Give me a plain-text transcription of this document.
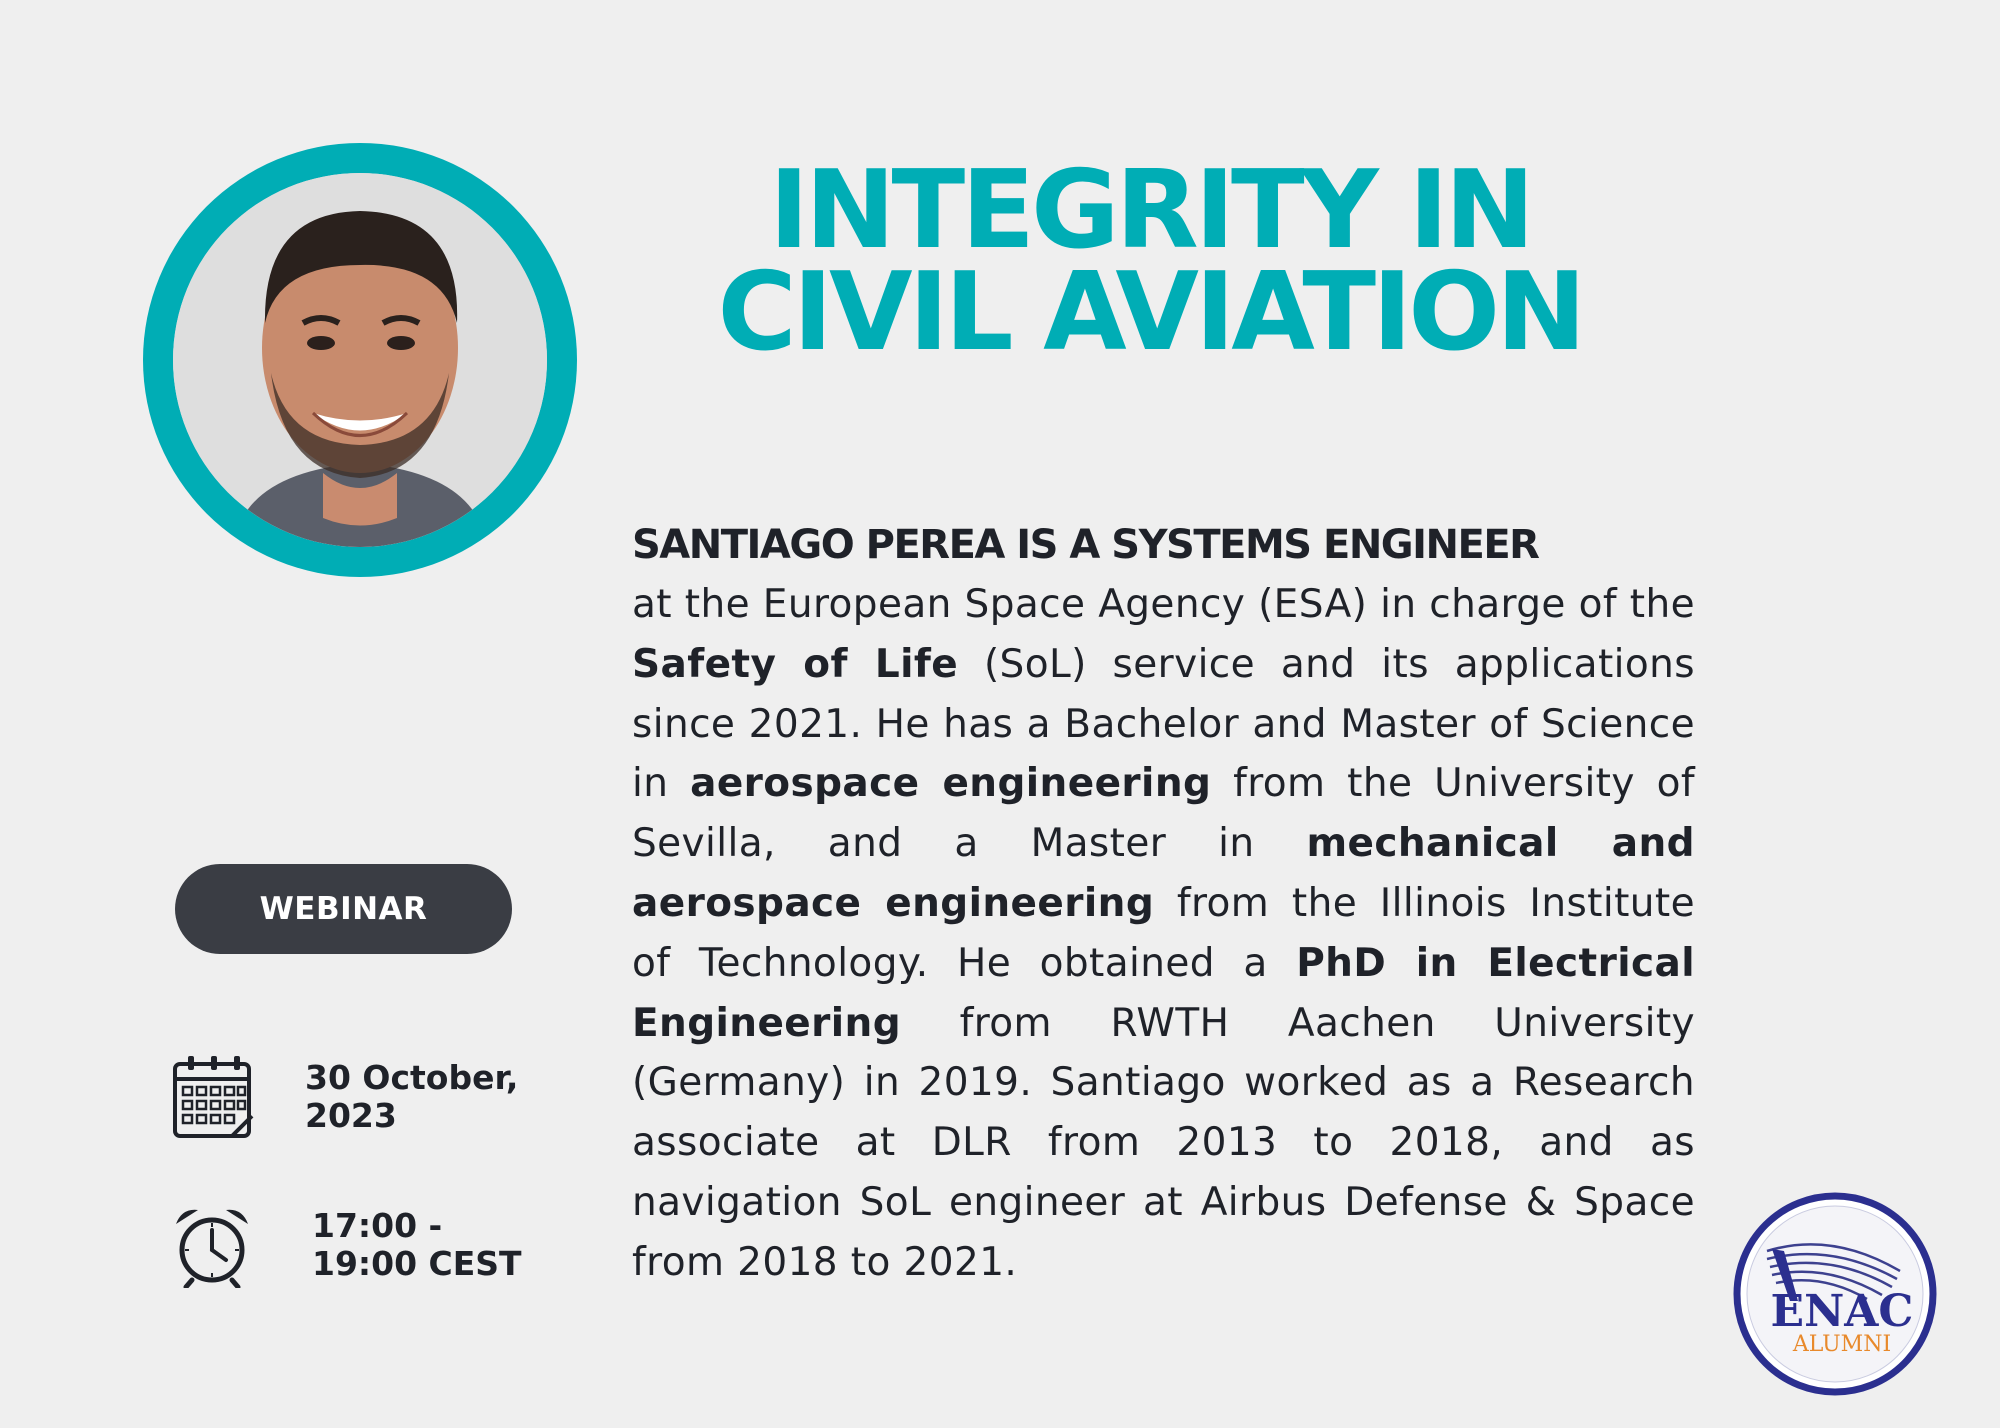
INTEGRITY IN
CIVIL AVIATION
SANTIAGO PEREA IS A SYSTEMS ENGINEER
at the European Space Agency (ESA) in charge of the Safety of Life (SoL) service and its applications since 2021. He has a Bachelor and Master of Science in aerospace engineering from the University of Sevilla, and a Master in mechanical and aerospace engineering from the Illinois Institute of Technology. He obtained a PhD in Electrical Engineering from RWTH Aachen University (Germany) in 2019. Santiago worked as a Research associate at DLR from 2013 to 2018, and as navigation SoL engineer at Airbus Defense & Space from 2018 to 2021.
WEBINAR
30 October,
2023
17:00 -
19:00 CEST
ENAC
ALUMNI
